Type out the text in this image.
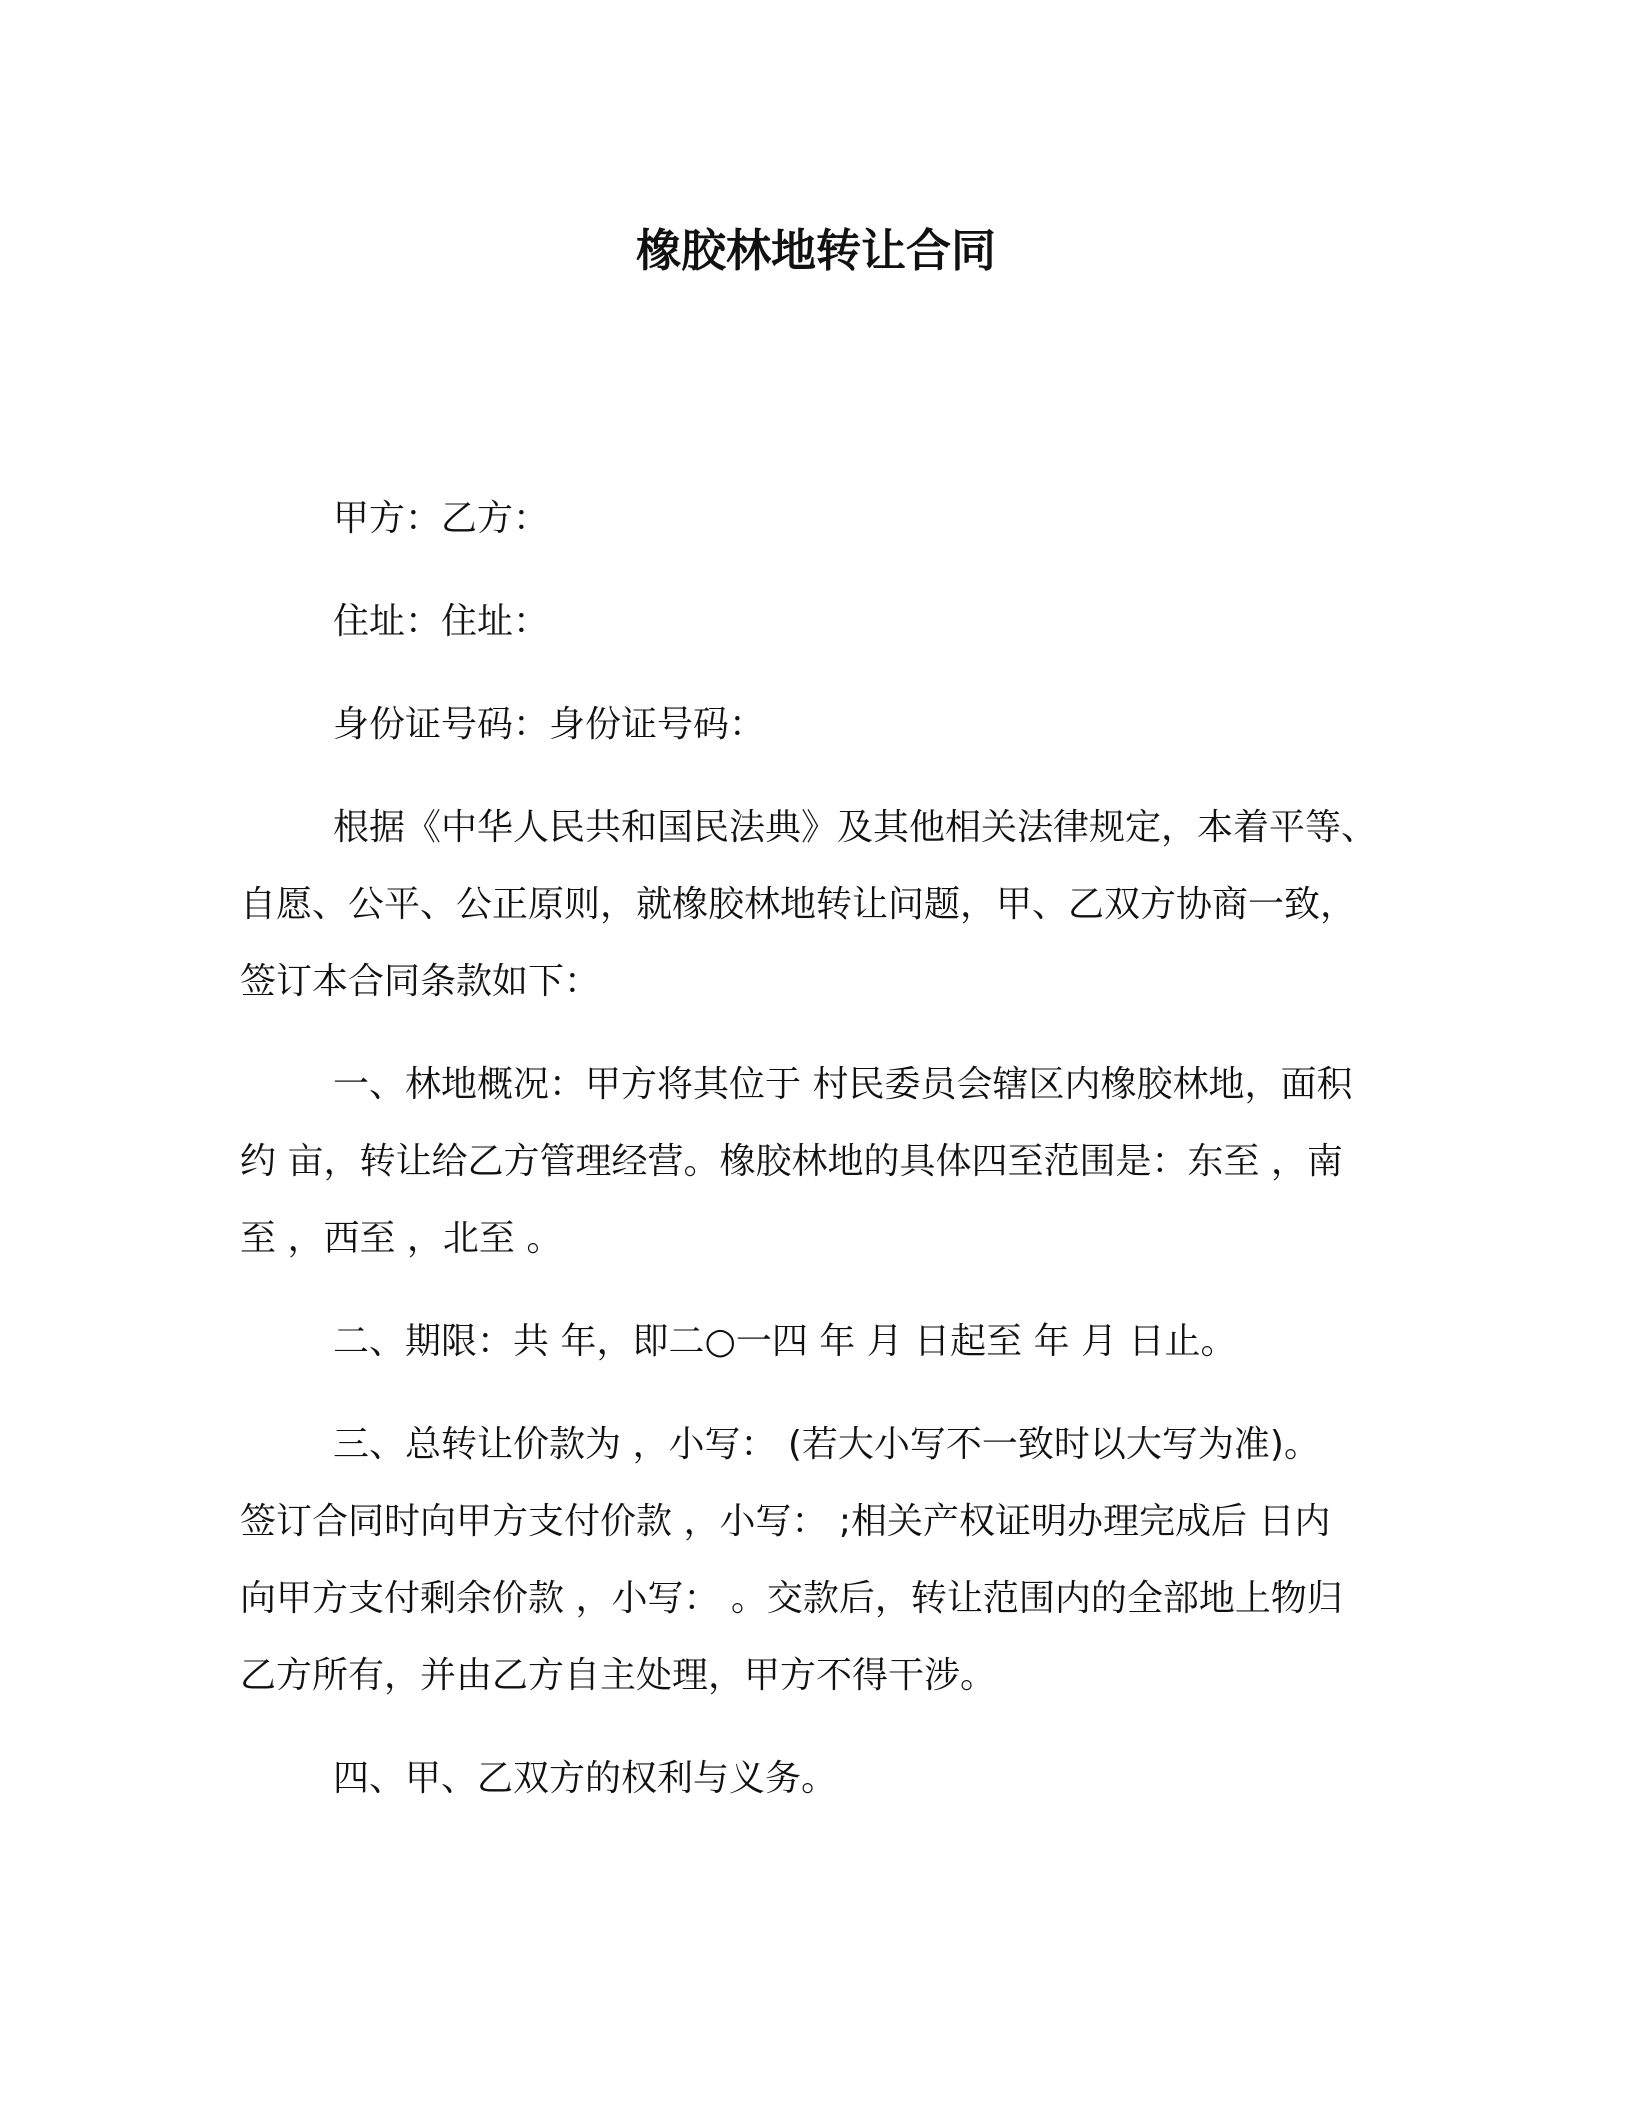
橡胶林地转让合同
甲方：乙方：
住址：住址：
身份证号码：身份证号码：
根据《中华人民共和国民法典》及其他相关法律规定，本着平等、
自愿、公平、公正原则，就橡胶林地转让问题，甲、乙双方协商一致，
签订本合同条款如下：
一、林地概况：甲方将其位于 村民委员会辖区内橡胶林地，面积
约 亩，转让给乙方管理经营。橡胶林地的具体四至范围是：东至 ，南
至 ，西至 ，北至 。
二、期限：共 年，即二○一四 年 月 日起至 年 月 日止。
三、总转让价款为 ，小写： (若大小写不一致时以大写为准)。
签订合同时向甲方支付价款 ，小写： ;相关产权证明办理完成后 日内
向甲方支付剩余价款 ，小写： 。交款后，转让范围内的全部地上物归
乙方所有，并由乙方自主处理，甲方不得干涉。
四、甲、乙双方的权利与义务。
